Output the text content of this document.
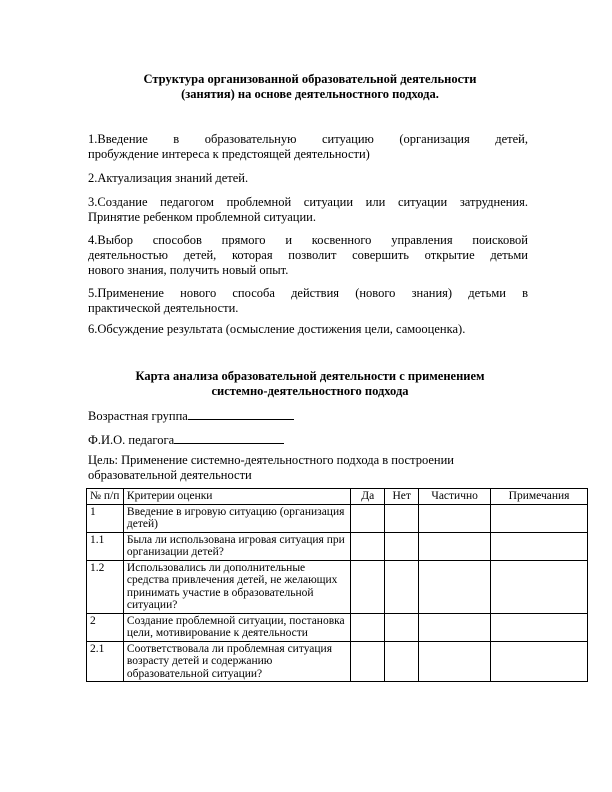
Структура организованной образовательной деятельности
(занятия) на основе деятельностного подхода.
1.Введение в образовательную ситуацию (организация детей,
пробуждение интереса к предстоящей деятельности)
2.Актуализация знаний детей.
3.Создание педагогом проблемной ситуации или ситуации затруднения.
Принятие ребенком проблемной ситуации.
4.Выбор способов прямого и косвенного управления поисковой
деятельностью детей, которая позволит совершить открытие детьми
нового знания, получить новый опыт.
5.Применение нового способа действия (нового знания) детьми в
практической деятельности.
6.Обсуждение результата (осмысление достижения цели, самооценка).
Карта анализа образовательной деятельности с применением
системно-деятельностного подхода
Возрастная группа
Ф.И.О. педагога
Цель: Применение системно-деятельностного подхода в построении образовательной деятельности
№ п/п	Критерии оценки	Да	Нет	Частично	Примечания
1	Введение в игровую ситуацию (организация детей)				
1.1	Была ли использована игровая ситуация при организации детей?				
1.2	Использовались ли дополнительные средства привлечения детей, не желающих принимать участие в образовательной ситуации?				
2	Создание проблемной ситуации, постановка цели, мотивирование к деятельности				
2.1	Соответствовала ли проблемная ситуация возрасту детей и содержанию образовательной ситуации?				
